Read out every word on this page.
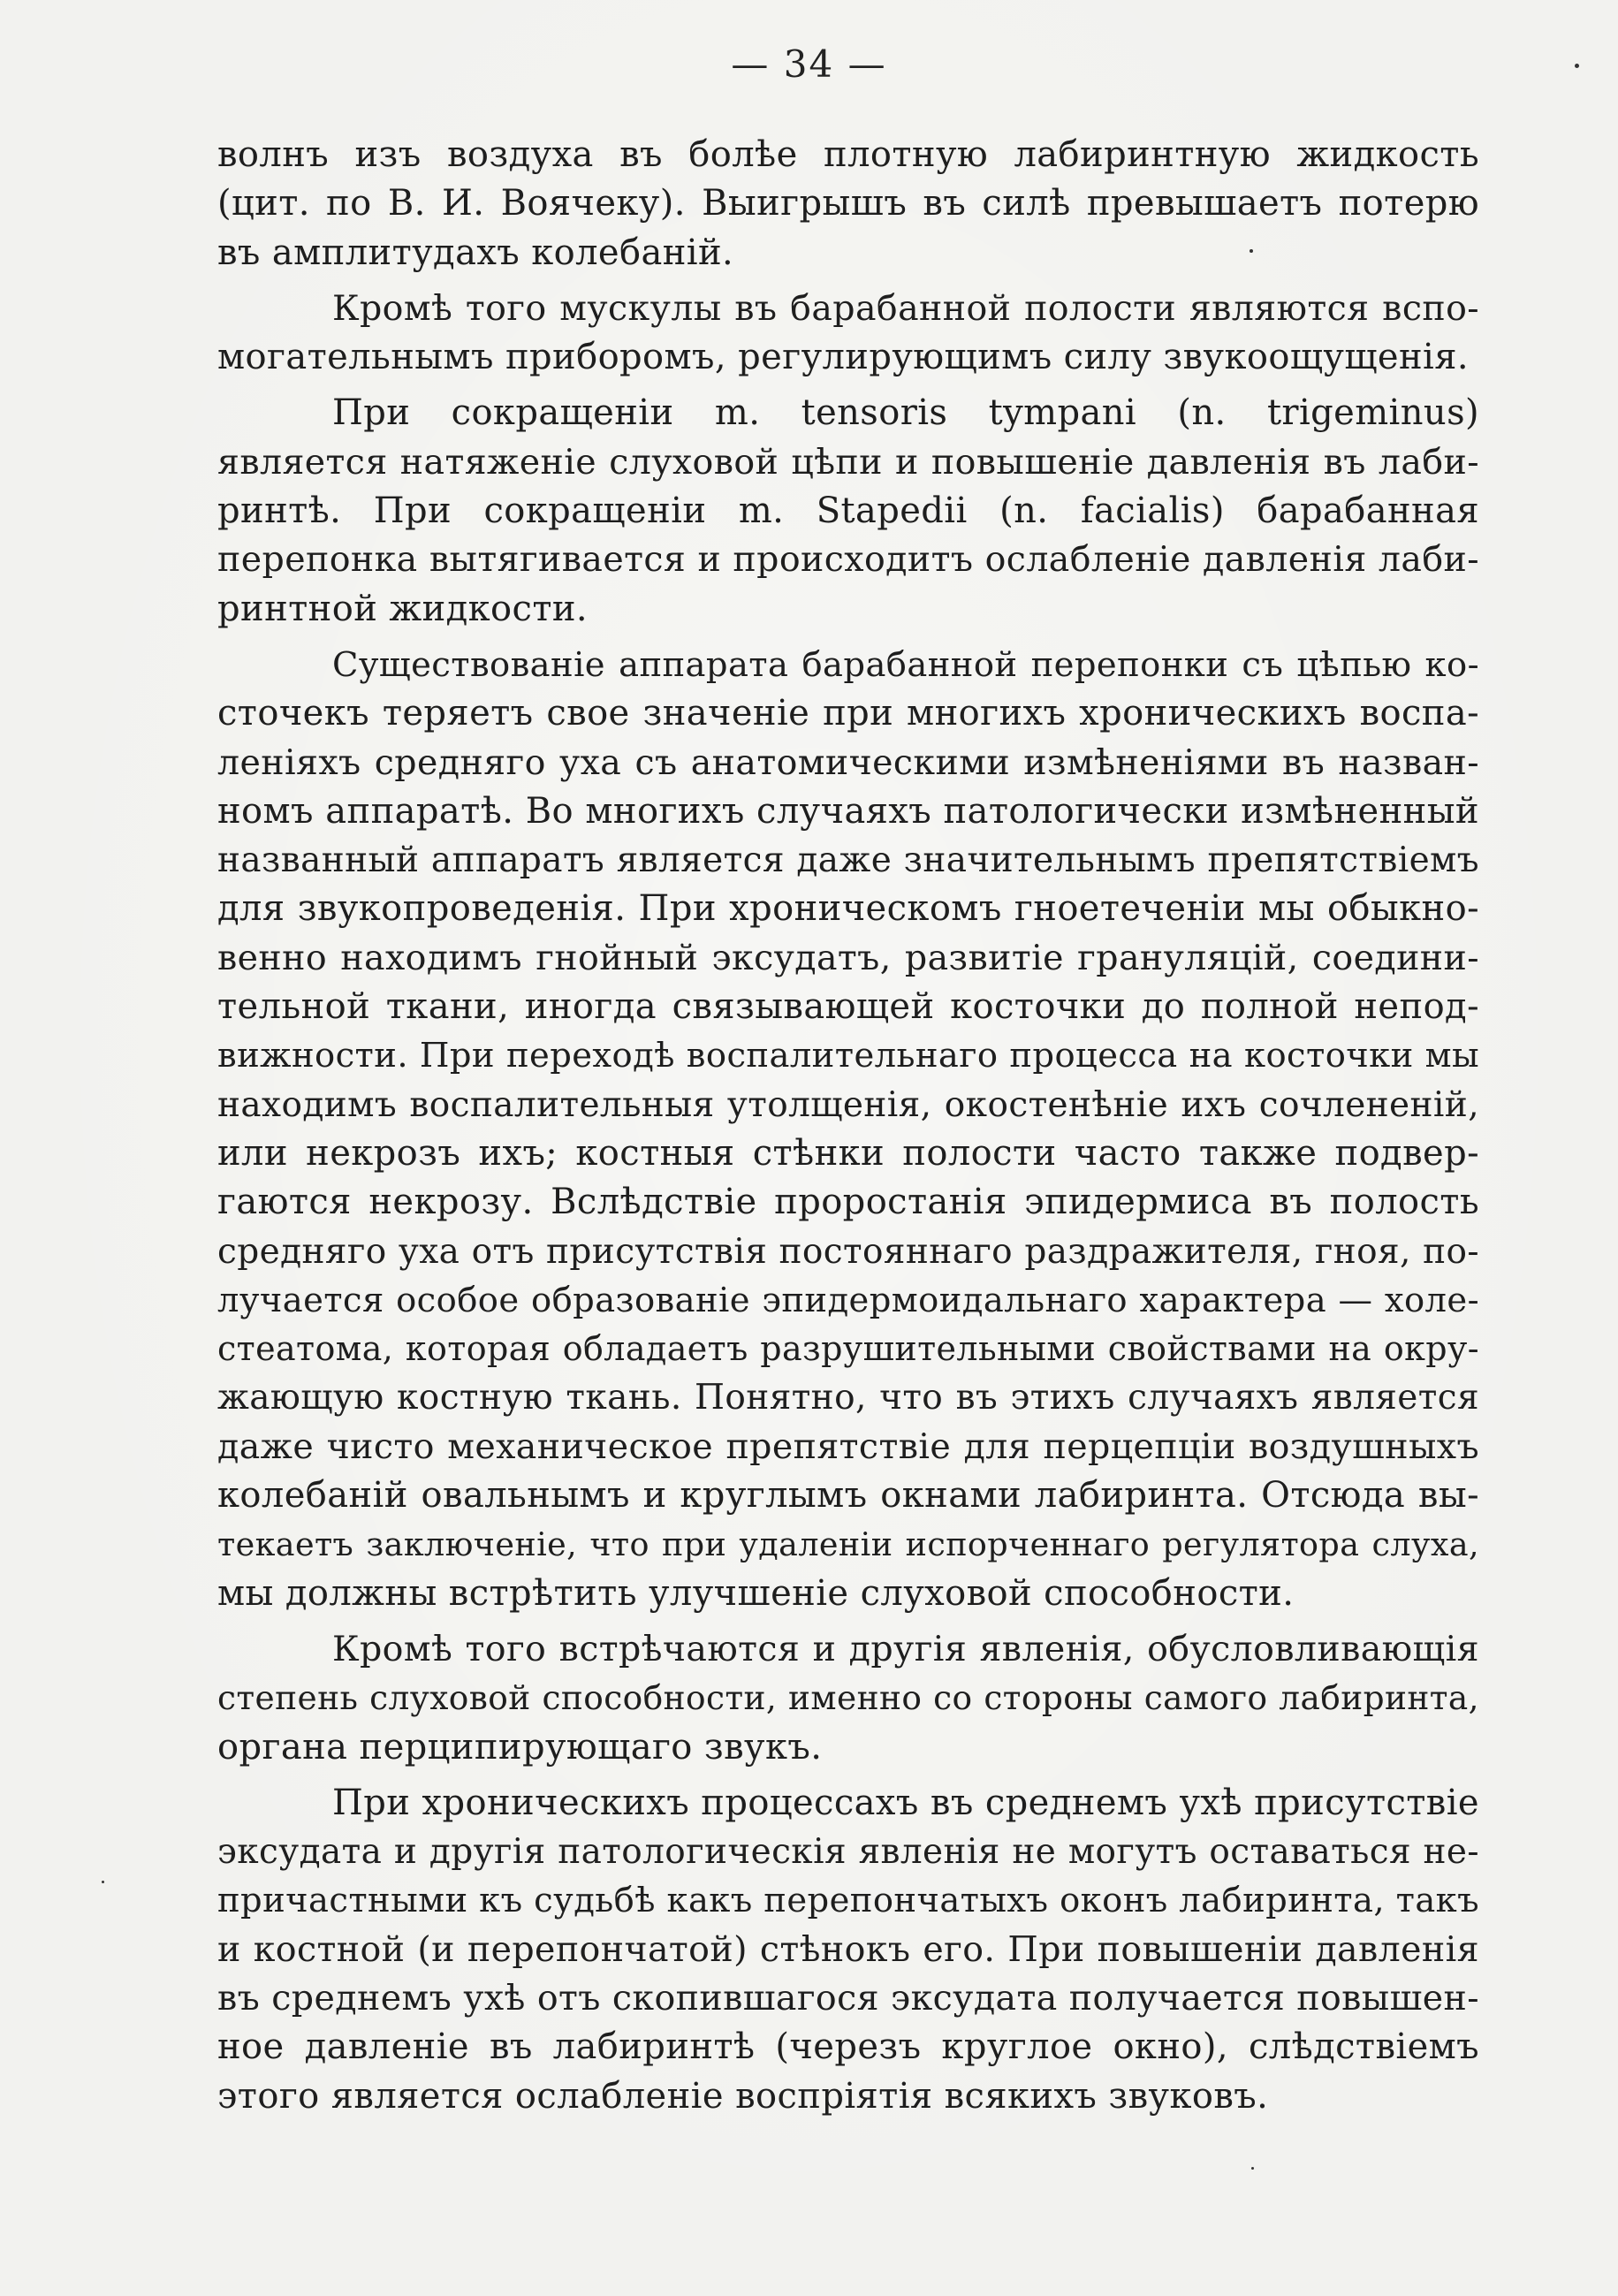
— 34 —
волнъ изъ воздуха въ болѣе плотную лабиринтную жидкость
(цит. по В. И. Воячеку). Выигрышъ въ силѣ превышаетъ потерю
въ амплитудахъ колебаній.
Кромѣ того мускулы въ барабанной полости являются вспо-
могательнымъ приборомъ, регулирующимъ силу звукоощущенія.
При сокращеніи m. tensoris tympani (n. trigeminus)
является натяженіе слуховой цѣпи и повышеніе давленія въ лаби-
ринтѣ. При сокращеніи m. Stapedii (n. facialis) барабанная
перепонка вытягивается и происходитъ ослабленіе давленія лаби-
ринтной жидкости.
Существованіе аппарата барабанной перепонки съ цѣпью ко-
сточекъ теряетъ свое значеніе при многихъ хроническихъ воспа-
леніяхъ средняго уха съ анатомическими измѣненіями въ назван-
номъ аппаратѣ. Во многихъ случаяхъ патологически измѣненный
названный аппаратъ является даже значительнымъ препятствіемъ
для звукопроведенія. При хроническомъ гноетеченіи мы обыкно-
венно находимъ гнойный эксудатъ, развитіе грануляцій, соедини-
тельной ткани, иногда связывающей косточки до полной непод-
вижности. При переходѣ воспалительнаго процесса на косточки мы
находимъ воспалительныя утолщенія, окостенѣніе ихъ сочлененій,
или некрозъ ихъ; костныя стѣнки полости часто также подвер-
гаются некрозу. Вслѣдствіе проростанія эпидермиса въ полость
средняго уха отъ присутствія постояннаго раздражителя, гноя, по-
лучается особое образованіе эпидермоидальнаго характера — холе-
стеатома, которая обладаетъ разрушительными свойствами на окру-
жающую костную ткань. Понятно, что въ этихъ случаяхъ является
даже чисто механическое препятствіе для перцепціи воздушныхъ
колебаній овальнымъ и круглымъ окнами лабиринта. Отсюда вы-
текаетъ заключеніе, что при удаленіи испорченнаго регулятора слуха,
мы должны встрѣтить улучшеніе слуховой способности.
Кромѣ того встрѣчаются и другія явленія, обусловливающія
степень слуховой способности, именно со стороны самого лабиринта,
органа перципирующаго звукъ.
При хроническихъ процессахъ въ среднемъ ухѣ присутствіе
эксудата и другія патологическія явленія не могутъ оставаться не-
причастными къ судьбѣ какъ перепончатыхъ оконъ лабиринта, такъ
и костной (и перепончатой) стѣнокъ его. При повышеніи давленія
въ среднемъ ухѣ отъ скопившагося эксудата получается повышен-
ное давленіе въ лабиринтѣ (черезъ круглое окно), слѣдствіемъ
этого является ослабленіе воспріятія всякихъ звуковъ.
